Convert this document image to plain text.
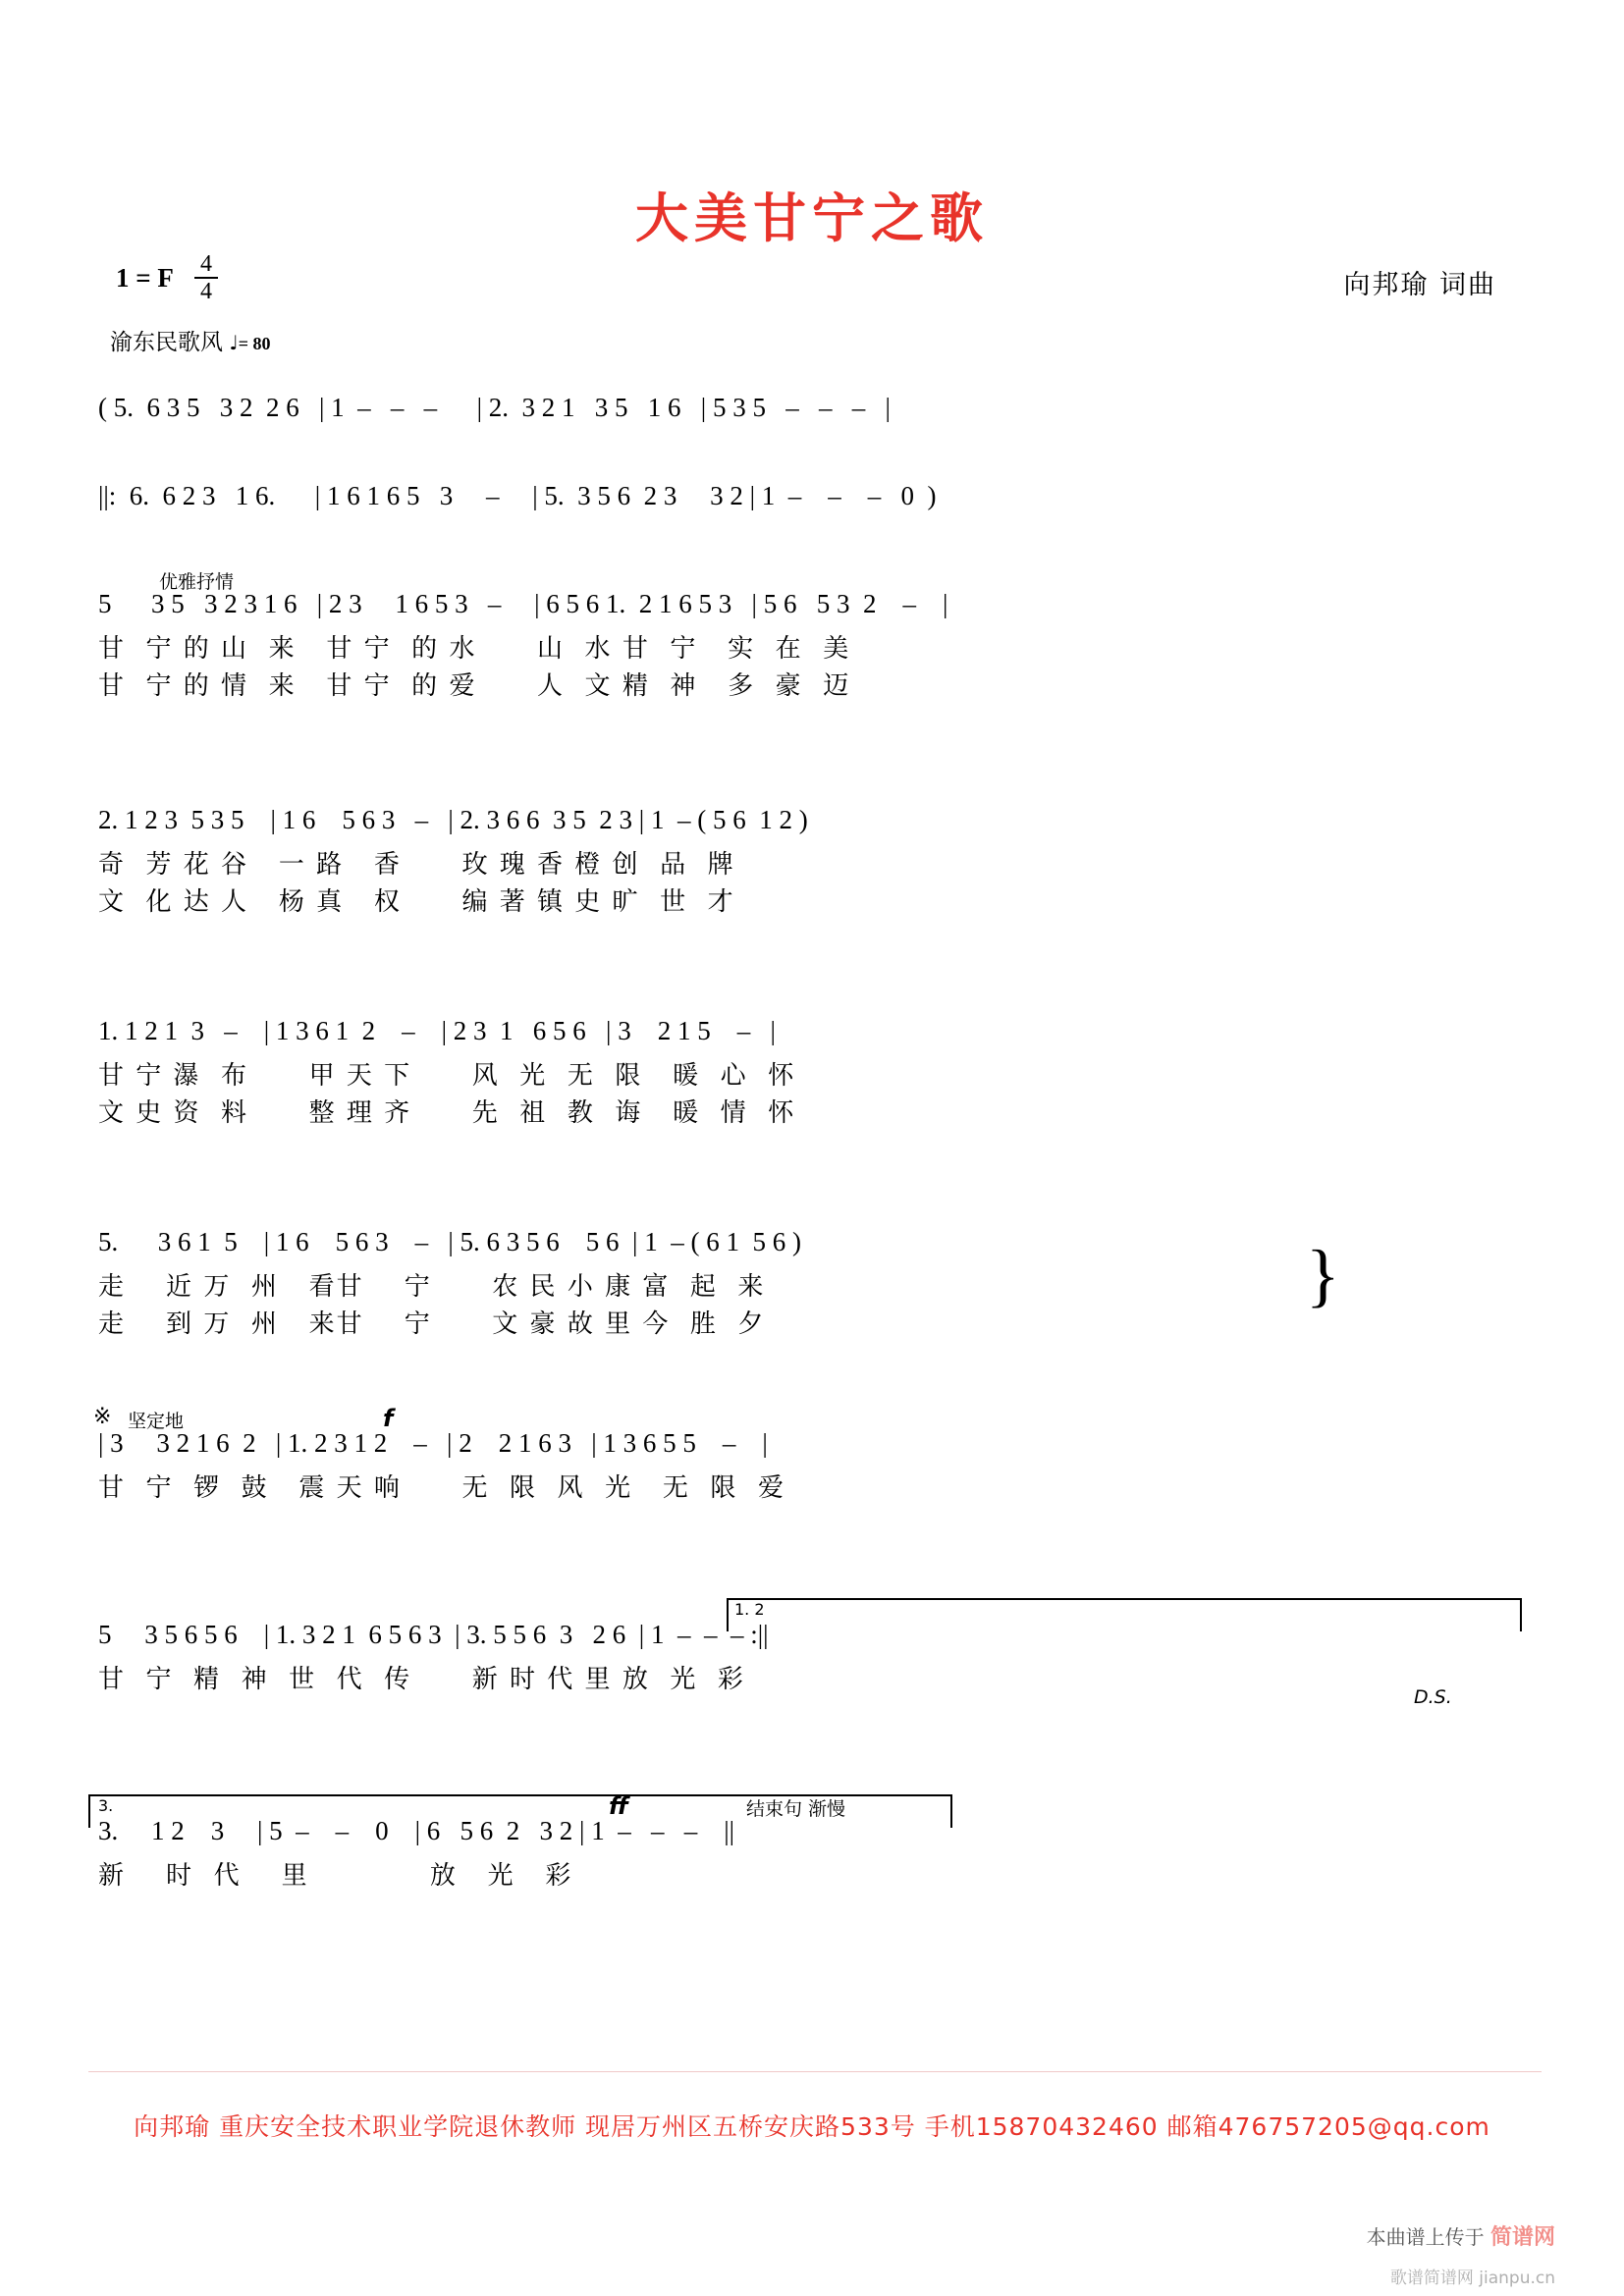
大美甘宁之歌
1 = F	4
4
渝东民歌风 ♩= 80
向邦瑜 词曲
( 5.  6 3 5   3 2  2 6   | 1  –   –   –      | 2.  3 2 1   3 5   1 6   | 5 3 5   –   –   –   |
||:  6.  6 2 3   1 6.      | 1 6 1 6 5   3     –     | 5.  3 5 6  2 3     3 2 | 1  –    –    –   0  )
优雅抒情
5      3 5   3 2 3 1 6   | 2 3     1 6 5 3   –     | 6 5 6 1.  2 1 6 5 3   | 5 6   5 3  2    –    |
甘  宁 的 山  来   甘 宁  的 水      山  水 甘  宁   实  在  美
甘  宁 的 情  来   甘 宁  的 爱      人  文 精  神   多  豪  迈
2. 1 2 3  5 3 5    | 1 6    5 6 3   –   | 2. 3 6 6  3 5  2 3 | 1  – ( 5 6  1 2 )
奇  芳 花 谷   一 路   香      玫 瑰 香 橙 创  品  牌
文  化 达 人   杨 真   权      编 著 镇 史 旷  世  才
1. 1 2 1  3   –    | 1 3 6 1  2    –    | 2 3  1   6 5 6   | 3    2 1 5    –   |
甘 宁 瀑  布      甲 天 下      风  光  无  限   暖  心  怀
文 史 资  料      整 理 齐      先  祖  教  诲   暖  情  怀
5.      3 6 1  5    | 1 6    5 6 3    –   | 5. 6 3 5 6    5 6  | 1  – ( 6 1  5 6 )
走    近 万  州   看甘    宁      农 民 小 康 富  起  来
走    到 万  州   来甘    宁      文 豪 故 里 今  胜  夕
}
※ 坚定地	f
| 3     3 2 1 6  2   | 1. 2 3 1 2    –   | 2    2 1 6 3   | 1 3 6 5 5    –    |
甘  宁  锣  鼓   震 天 响      无  限  风  光   无  限  爱
1. 2
5     3 5 6 5 6    | 1. 3 2 1  6 5 6 3  | 3. 5 5 6  3   2 6  | 1  –  –  – :||
甘  宁  精  神  世  代  传      新 时 代 里 放  光  彩
D.S.
3.	ff	结束句 渐慢
3.     1 2    3     | 5  –    –    0    | 6   5 6  2   3 2 | 1  –   –   –    ||
新    时  代    里            放   光   彩
向邦瑜 重庆安全技术职业学院退休教师 现居万州区五桥安庆路533号 手机15870432460 邮箱476757205@qq.com
本曲谱上传于 简谱网
歌谱简谱网 jianpu.cn
